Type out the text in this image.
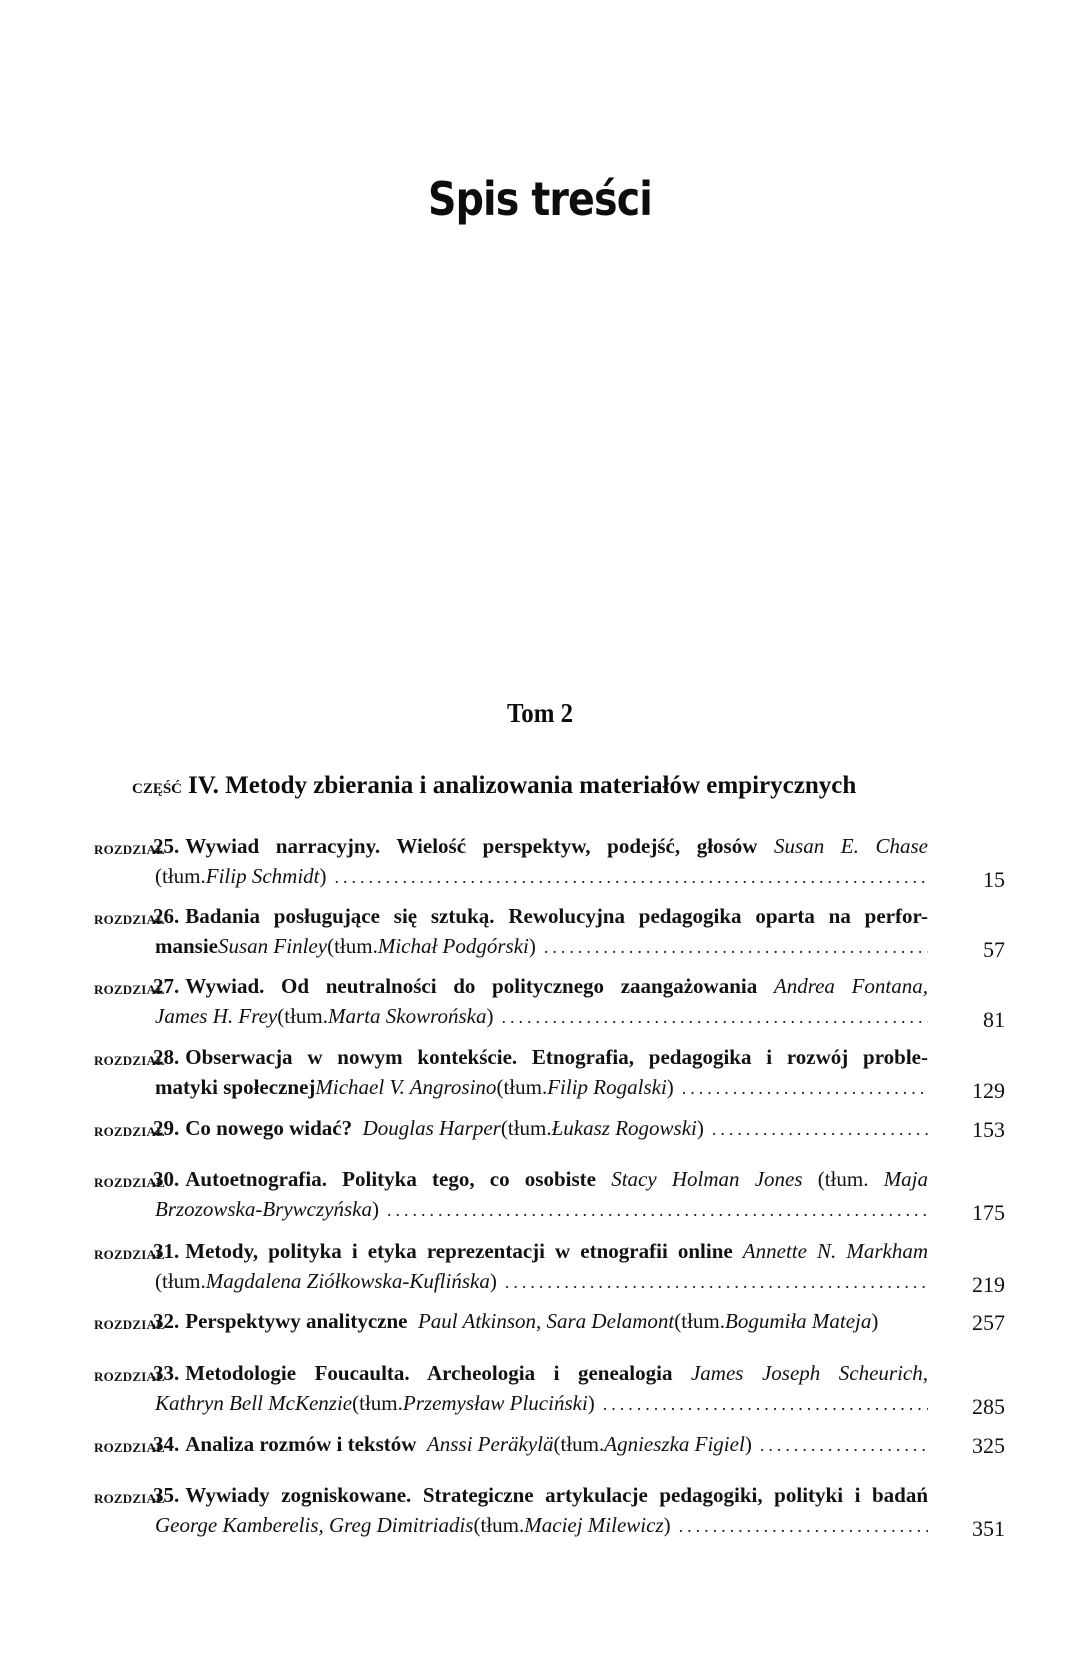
Spis treści
Tom 2
CZĘŚĆ IV. Metody zbierania i analizowania materiałów empirycznych
ROZDZIAŁ
25. Wywiad narracyjny. Wielość perspektyw, podejść, głosów Susan E. Chase
( tłum. Filip Schmidt ) .....	15
ROZDZIAŁ
26. Badania posługujące się sztuką. Rewolucyjna pedagogika oparta na perfor-
mansie Susan Finley ( tłum. Michał Podgórski ) .....	57
ROZDZIAŁ
27. Wywiad. Od neutralności do politycznego zaangażowania Andrea Fontana,
James H. Frey ( tłum. Marta Skowrońska ) .....	81
ROZDZIAŁ
28. Obserwacja w nowym kontekście. Etnografia, pedagogika i rozwój proble-
matyki społecznej Michael V. Angrosino ( tłum. Filip Rogalski ) .....	129
ROZDZIAŁ
29. Co nowego widać?
Douglas Harper ( tłum. Łukasz Rogowski ) .....	153
ROZDZIAŁ
30. Autoetnografia. Polityka tego, co osobiste Stacy Holman Jones (tłum. Maja
Brzozowska-Brywczyńska ) .....	175
ROZDZIAŁ
31. Metody, polityka i etyka reprezentacji w etnografii online Annette N. Markham
( tłum. Magdalena Ziółkowska-Kuflińska ) .....	219
ROZDZIAŁ
32. Perspektywy analityczne
Paul Atkinson, Sara Delamont ( tłum. Bogumiła Mateja )	257
ROZDZIAŁ
33. Metodologie Foucaulta. Archeologia i genealogia James Joseph Scheurich,
Kathryn Bell McKenzie ( tłum. Przemysław Pluciński ) .....	285
ROZDZIAŁ
34. Analiza rozmów i tekstów
Anssi Peräkylä ( tłum. Agnieszka Figiel ) .....	325
ROZDZIAŁ
35. Wywiady zogniskowane. Strategiczne artykulacje pedagogiki, polityki i badań
George Kamberelis, Greg Dimitriadis ( tłum. Maciej Milewicz ) .....	351
